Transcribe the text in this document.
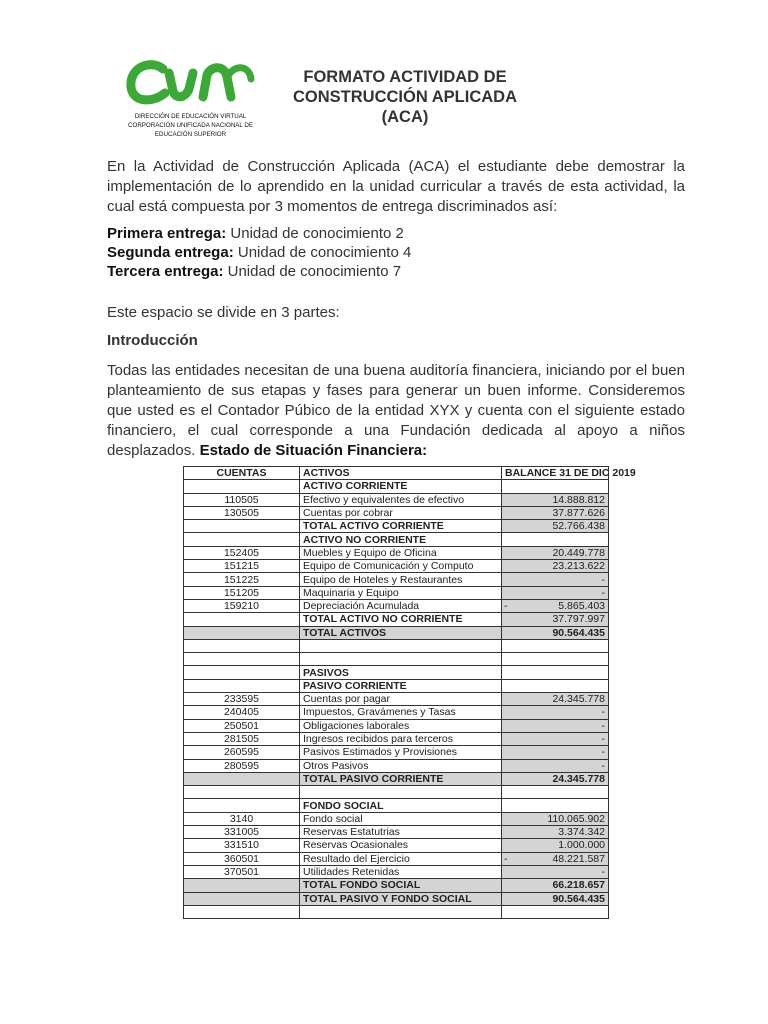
DIRECCIÓN DE EDUCACIÓN VIRTUAL
CORPORACIÓN UNIFICADA NACIONAL DE
EDUCACIÓN SUPERIOR
FORMATO ACTIVIDAD DE CONSTRUCCIÓN APLICADA (ACA)
En la Actividad de Construcción Aplicada (ACA) el estudiante debe demostrar la implementación de lo aprendido en la unidad curricular a través de esta actividad, la cual está compuesta por 3 momentos de entrega discriminados así:
Primera entrega: Unidad de conocimiento 2
Segunda entrega: Unidad de conocimiento 4
Tercera entrega: Unidad de conocimiento 7
Este espacio se divide en 3 partes:
Introducción
Todas las entidades necesitan de una buena auditoría financiera, iniciando por el buen planteamiento de sus etapas y fases para generar un buen informe. Consideremos que usted es el Contador Púbico de la entidad XYX y cuenta con el siguiente estado financiero, el cual corresponde a una Fundación dedicada al apoyo a niños desplazados. Estado de Situación Financiera:
CUENTAS	ACTIVOS	BALANCE 31 DE DIC 2019
	ACTIVO CORRIENTE	
110505	Efectivo y equivalentes de efectivo	14.888.812
130505	Cuentas por cobrar	37.877.626
	TOTAL ACTIVO CORRIENTE	52.766.438
	ACTIVO NO CORRIENTE	
152405	Muebles y Equipo de Oficina	20.449.778
151215	Equipo de Comunicación y Computo	23.213.622
151225	Equipo de Hoteles y Restaurantes	-
151205	Maquinaria y Equipo	-
159210	Depreciación Acumulada	- 5.865.403
	TOTAL ACTIVO NO CORRIENTE	37.797.997
	TOTAL ACTIVOS	90.564.435

	PASIVOS	
	PASIVO CORRIENTE	
233595	Cuentas por pagar	24.345.778
240405	Impuestos, Gravámenes y Tasas	-
250501	Obligaciones laborales	-
281505	Ingresos recibidos para terceros	-
260595	Pasivos Estimados y Provisiones	-
280595	Otros Pasivos	-
	TOTAL PASIVO CORRIENTE	24.345.778

	FONDO SOCIAL	
3140	Fondo social	110.065.902
331005	Reservas Estatutrias	3.374.342
331510	Reservas Ocasionales	1.000.000
360501	Resultado del Ejercicio	- 48.221.587
370501	Utilidades Retenidas	-
	TOTAL FONDO SOCIAL	66.218.657
	TOTAL PASIVO Y FONDO SOCIAL	90.564.435
